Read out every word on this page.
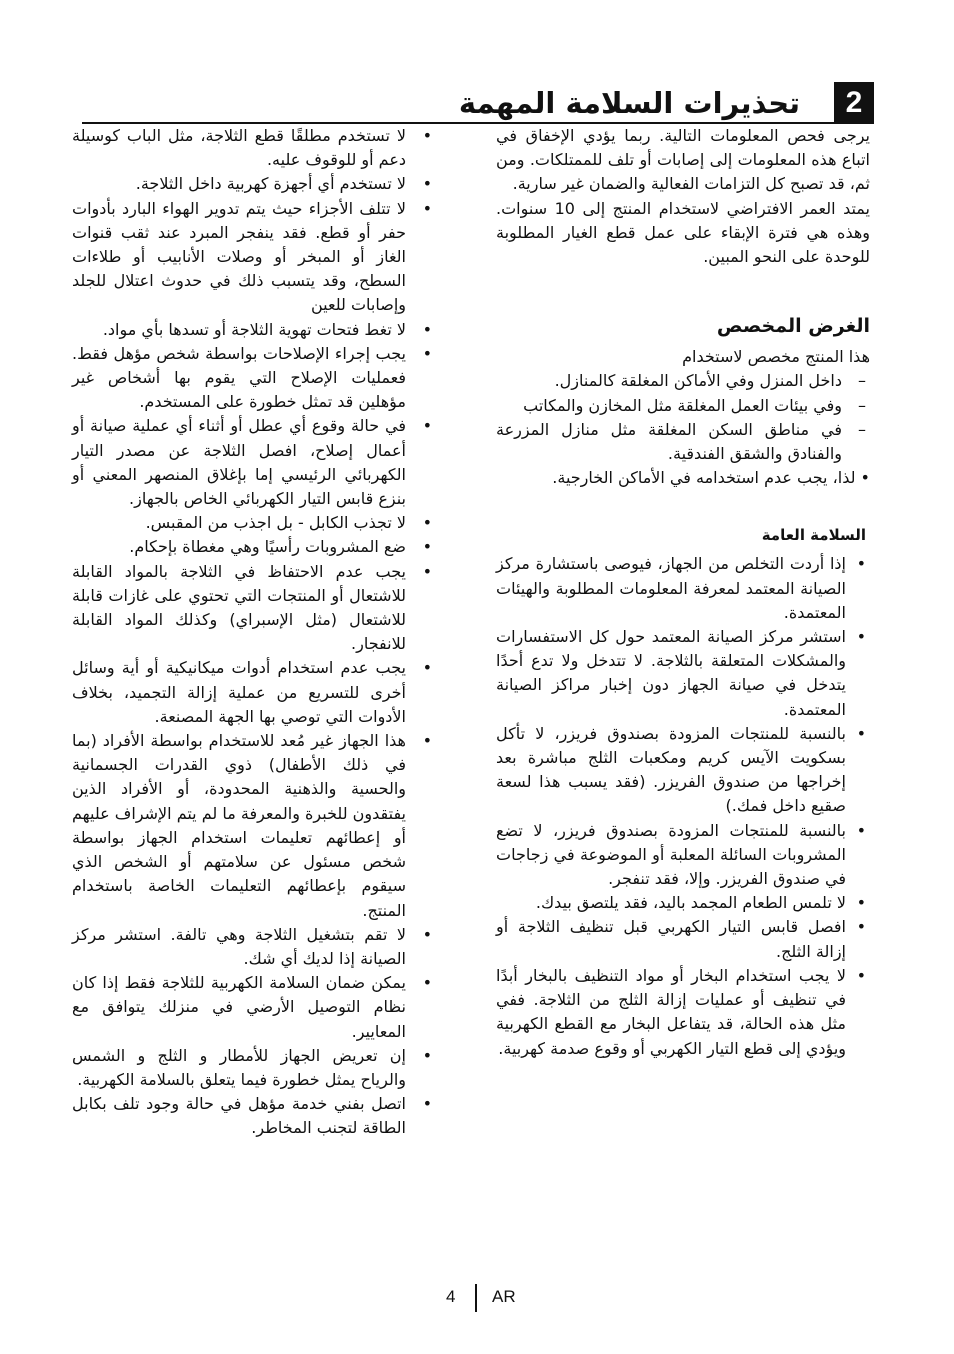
2
تحذيرات السلامة المهمة

يرجى فحص المعلومات التالية. ربما يؤدي الإخفاق في اتباع هذه المعلومات إلى إصابات أو تلف للممتلكات. ومن ثم، قد تصبح كل التزامات الفعالية والضمان غير سارية.

يمتد العمر الافتراضي لاستخدام المنتج إلى 10 سنوات. وهذه هي فترة الإبقاء على عمل قطع الغيار المطلوبة للوحدة على النحو المبين.

الغرض المخصص

هذا المنتج مخصص لاستخدام

– داخل المنزل وفي الأماكن المغلقة كالمنازل.
– وفي بيئات العمل المغلقة مثل المخازن والمكاتب
– في مناطق السكن المغلقة مثل منازل المزرعة والفنادق والشقق الفندقية.

• لذا، يجب عدم استخدامه في الأماكن الخارجية.

السلامة العامة
• إذا أردت التخلص من الجهاز، فيوصى باستشارة مركز الصيانة المعتمد لمعرفة المعلومات المطلوبة والهيئات المعتمدة.
• استشر مركز الصيانة المعتمد حول كل الاستفسارات والمشكلات المتعلقة بالثلاجة. لا تتدخل ولا تدع أحدًا يتدخل في صيانة الجهاز دون إخبار مراكز الصيانة المعتمدة.
• بالنسبة للمنتجات المزودة بصندوق فريزر، لا تأكل بسكويت الآيس كريم ومكعبات الثلج مباشرة بعد إخراجها من صندوق الفريزر. (فقد يسبب هذا لسعة صقيع داخل فمك.)
• بالنسبة للمنتجات المزودة بصندوق فريزر، لا تضع المشروبات السائلة المعلبة أو الموضوعة في زجاجات في صندوق الفريزر. وإلا، فقد تنفجر.
• لا تلمس الطعام المجمد باليد، فقد يلتصق بيدك.
• افصل قابس التيار الكهربي قبل تنظيف الثلاجة أو إزالة الثلج.
• لا يجب استخدام البخار أو مواد التنظيف بالبخار أبدًا في تنظيف أو عمليات إزالة الثلج من الثلاجة. ففي مثل هذه الحالة، قد يتفاعل البخار مع القطع الكهربية ويؤدي إلى قطع التيار الكهربي أو وقوع صدمة كهربية.
• لا تستخدم مطلقًا قطع الثلاجة، مثل الباب كوسيلة دعم أو للوقوف عليه.
• لا تستخدم أي أجهزة كهربية داخل الثلاجة.
• لا تتلف الأجزاء حيث يتم تدوير الهواء البارد بأدوات حفر أو قطع. فقد ينفجر المبرد عند ثقب قنوات الغاز أو المبخر أو وصلات الأنابيب أو طلاءات السطح، وقد يتسبب ذلك في حدوث اعتلال للجلد وإصابات للعين
• لا تغط فتحات تهوية الثلاجة أو تسدها بأي مواد.
• يجب إجراء الإصلاحات بواسطة شخص مؤهل فقط. فعمليات الإصلاح التي يقوم بها أشخاص غير مؤهلين قد تمثل خطورة على المستخدم.
• في حالة وقوع أي عطل أو أثناء أي عملية صيانة أو أعمال إصلاح، افصل الثلاجة عن مصدر التيار الكهربائي الرئيسي إما بإغلاق المنصهر المعني أو بنزع قابس التيار الكهربائي الخاص بالجهاز.
• لا تجذب الكابل - بل اجذب من المقبس.
• ضع المشروبات رأسيًا وهي مغطاة بإحكام.
• يجب عدم الاحتفاظ في الثلاجة بالمواد القابلة للاشتعال أو المنتجات التي تحتوي على غازات قابلة للاشتعال (مثل الإسبراي) وكذلك المواد القابلة للانفجار.
• يجب عدم استخدام أدوات ميكانيكية أو أية وسائل أخرى للتسريع من عملية إزالة التجميد، بخلاف الأدوات التي توصي بها الجهة المصنعة.
• هذا الجهاز غير مُعد للاستخدام بواسطة الأفراد (بما في ذلك الأطفال) ذوي القدرات الجسمانية والحسية والذهنية المحدودة، أو الأفراد الذين يفتقدون للخبرة والمعرفة ما لم يتم الإشراف عليهم أو إعطائهم تعليمات استخدام الجهاز بواسطة شخص مسئول عن سلامتهم أو الشخص الذي سيقوم بإعطائهم التعليمات الخاصة باستخدام المنتج.
• لا تقم بتشغيل الثلاجة وهي تالفة. استشر مركز الصيانة إذا لديك أي شك.
• يمكن ضمان السلامة الكهربية للثلاجة فقط إذا كان نظام التوصيل الأرضي في منزلك يتوافق مع المعايير.
• إن تعريض الجهاز للأمطار و الثلج و الشمس والرياح يمثل خطورة فيما يتعلق بالسلامة الكهربية.
• اتصل بفني خدمة مؤهل في حالة وجود تلف بكابل الطاقة لتجنب المخاطر.
4 AR
